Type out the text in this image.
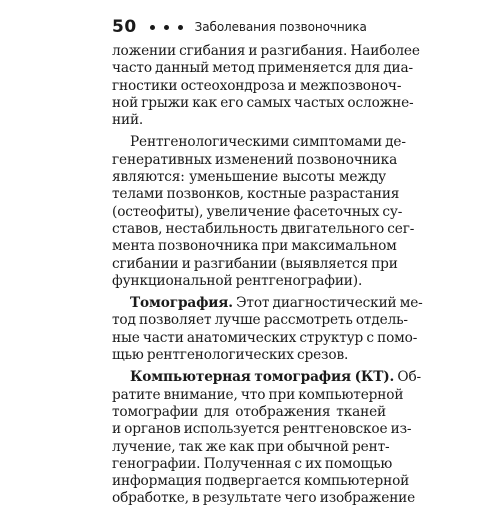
50	Заболевания позвоночника
ложении сгибания и разгибания. Наиболее
часто данный метод применяется для диа-
гностики остеохондроза и межпозвоноч-
ной грыжи как его самых частых осложне-
ний.
Рентгенологическими симптомами де-
генеративных изменений позвоночника
являются: уменьшение высоты между
телами позвонков, костные разрастания
(остеофиты), увеличение фасеточных су-
ставов, нестабильность двигательного сег-
мента позвоночника при максимальном
сгибании и разгибании (выявляется при
функциональной рентгенографии).
Томография. Этот диагностический ме-
тод позволяет лучше рассмотреть отдель-
ные части анатомических структур с помо-
щью рентгенологических срезов.
Компьютерная томография (КТ). Об-
ратите внимание, что при компьютерной
томографии для отображения тканей
и органов используется рентгеновское из-
лучение, так же как при обычной рент-
генографии. Полученная с их помощью
информация подвергается компьютерной
обработке, в результате чего изображение
